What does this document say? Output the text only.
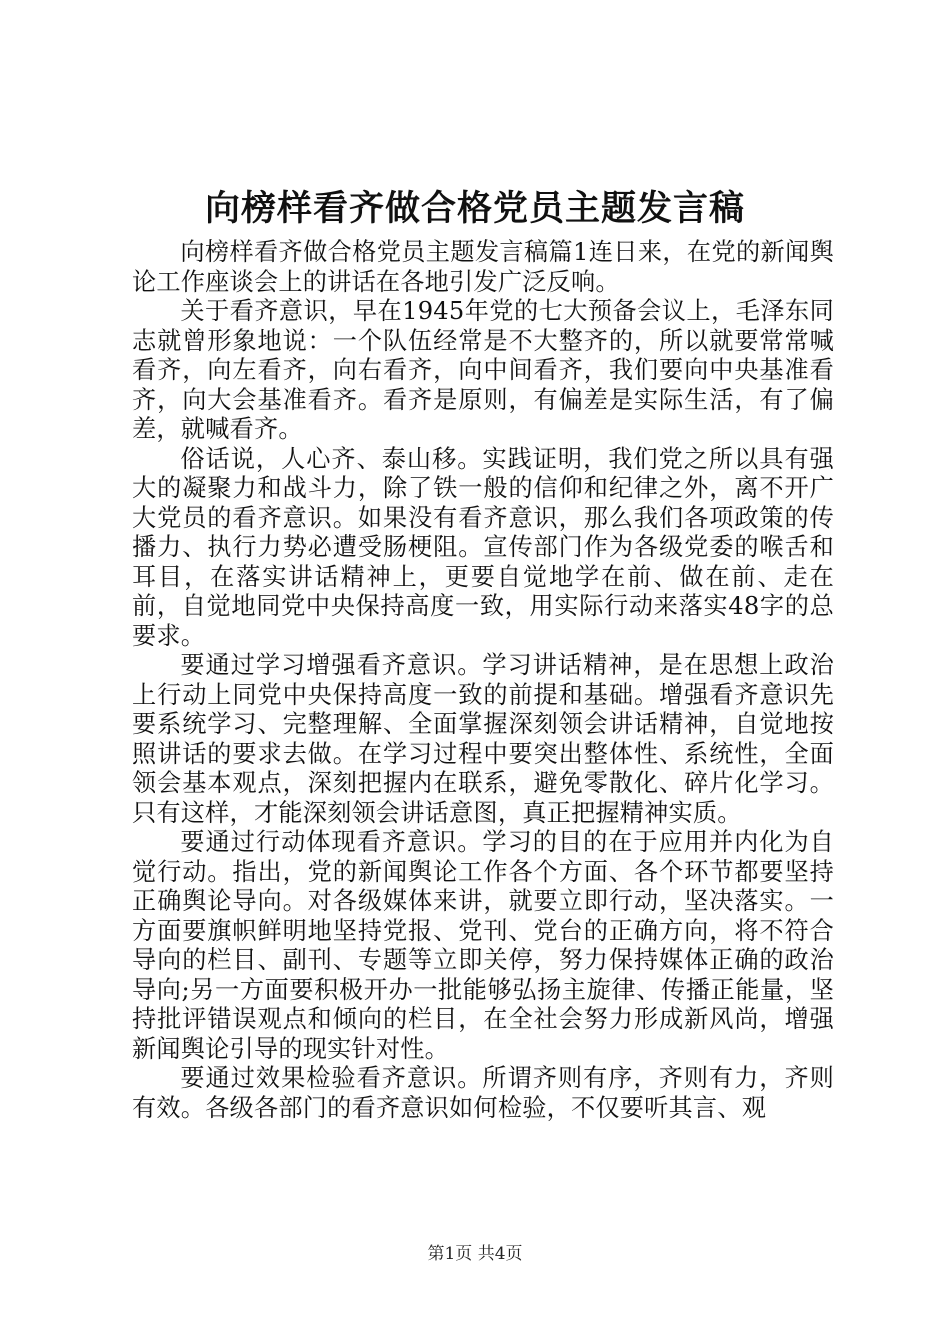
向榜样看齐做合格党员主题发言稿

向榜样看齐做合格党员主题发言稿篇1连日来，在党的新闻舆论工作座谈会上的讲话在各地引发广泛反响。

关于看齐意识，早在1945年党的七大预备会议上，毛泽东同志就曾形象地说：一个队伍经常是不大整齐的，所以就要常常喊看齐，向左看齐，向右看齐，向中间看齐，我们要向中央基准看齐，向大会基准看齐。看齐是原则，有偏差是实际生活，有了偏差，就喊看齐。

俗话说，人心齐、泰山移。实践证明，我们党之所以具有强大的凝聚力和战斗力，除了铁一般的信仰和纪律之外，离不开广大党员的看齐意识。如果没有看齐意识，那么我们各项政策的传播力、执行力势必遭受肠梗阻。宣传部门作为各级党委的喉舌和耳目，在落实讲话精神上，更要自觉地学在前、做在前、走在前，自觉地同党中央保持高度一致，用实际行动来落实48字的总要求。

要通过学习增强看齐意识。学习讲话精神，是在思想上政治上行动上同党中央保持高度一致的前提和基础。增强看齐意识先要系统学习、完整理解、全面掌握深刻领会讲话精神，自觉地按照讲话的要求去做。在学习过程中要突出整体性、系统性，全面领会基本观点，深刻把握内在联系，避免零散化、碎片化学习。只有这样，才能深刻领会讲话意图，真正把握精神实质。

要通过行动体现看齐意识。学习的目的在于应用并内化为自觉行动。指出，党的新闻舆论工作各个方面、各个环节都要坚持正确舆论导向。对各级媒体来讲，就要立即行动，坚决落实。一方面要旗帜鲜明地坚持党报、党刊、党台的正确方向，将不符合导向的栏目、副刊、专题等立即关停，努力保持媒体正确的政治导向;另一方面要积极开办一批能够弘扬主旋律、传播正能量，坚持批评错误观点和倾向的栏目，在全社会努力形成新风尚，增强新闻舆论引导的现实针对性。

要通过效果检验看齐意识。所谓齐则有序，齐则有力，齐则有效。各级各部门的看齐意识如何检验，不仅要听其言、观

第1页 共4页
